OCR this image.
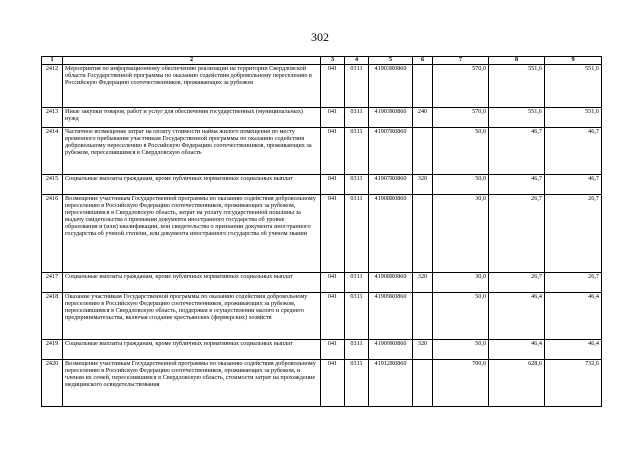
302
1	2	3	4	5	6	7	8	9
2412	Мероприятия по информационному обеспечению реализации на территории Свердловской области Государственной программы по оказанию содействия добровольному переселению в Российскую Федерацию соотечественников, проживающих за рубежом	041	0311	41903R0860		570,0	551,6	551,6
2413	Иные закупки товаров, работ и услуг для обеспечения государственных (муниципальных) нужд	041	0311	41903R0860	240	570,0	551,6	551,6
2414	Частичное возмещение затрат на оплату стоимости найма жилого помещения по месту временного пребывания участникам Государственной программы по оказанию содействия добровольному переселению в Российскую Федерацию соотечественников, проживающих за рубежом, переселившимся в Свердловскую область	041	0311	41907R0860		50,0	46,7	46,7
2415	Социальные выплаты гражданам, кроме публичных нормативных социальных выплат	041	0311	41907R0860	320	50,0	46,7	46,7
2416	Возмещение участникам Государственной программы по оказанию содействия добровольному переселению в Российскую Федерацию соотечественников, проживающих за рубежом, переселившимся в Свердловскую область, затрат на уплату государственной пошлины за выдачу свидетельства о признании документа иностранного государства об уровне образования и (или) квалификации, или свидетельства о признании документа иностранного государства об ученой степени, или документа иностранного государства об ученом звании	041	0311	41908R0860		30,0	26,7	26,7
2417	Социальные выплаты гражданам, кроме публичных нормативных социальных выплат	041	0311	41908R0860	320	30,0	26,7	26,7
2418	Оказание участникам Государственной программы по оказанию содействия добровольному переселению в Российскую Федерацию соотечественников, проживающих за рубежом, переселившимся в Свердловскую область, поддержки в осуществлении малого и среднего предпринимательства, включая создание крестьянских (фермерских) хозяйств	041	0311	41909R0860		50,0	46,4	46,4
2419	Социальные выплаты гражданам, кроме публичных нормативных социальных выплат	041	0311	41909R0860	320	50,0	46,4	46,4
2420	Возмещение участникам Государственной программы по оказанию содействия добровольному переселению в Российскую Федерацию соотечественников, проживающих за рубежом, и членам их семей, переселившимся в Свердловскую область, стоимости затрат на прохождение медицинского освидетельствования	041	0311	41912R0860		700,0	628,6	732,6
